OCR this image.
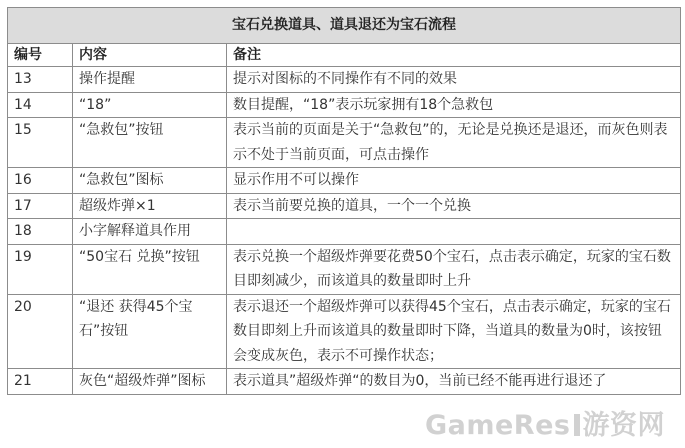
宝石兑换道具、道具退还为宝石流程		
编号	内容	备注
13	操作提醒	提示对图标的不同操作有不同的效果
14	“18”	数目提醒，“18”表示玩家拥有18个急救包
15	“急救包”按钮	表示当前的页面是关于“急救包”的，无论是兑换还是退还，而灰色则表示不处于当前页面，可点击操作
16	“急救包”图标	显示作用不可以操作
17	超级炸弹×1	表示当前要兑换的道具，一个一个兑换
18	小字解释道具作用	
19	“50宝石 兑换”按钮	表示兑换一个超级炸弹要花费50个宝石，点击表示确定，玩家的宝石数目即刻减少，而该道具的数量即时上升
20	“退还 获得45个宝石”按钮	表示退还一个超级炸弹可以获得45个宝石，点击表示确定，玩家的宝石数目即刻上升而该道具的数量即时下降，当道具的数量为0时，该按钮会变成灰色，表示不可操作状态；
21	灰色“超级炸弹”图标	表示道具”超级炸弹“的数目为0，当前已经不能再进行退还了
GameRes 游资网
